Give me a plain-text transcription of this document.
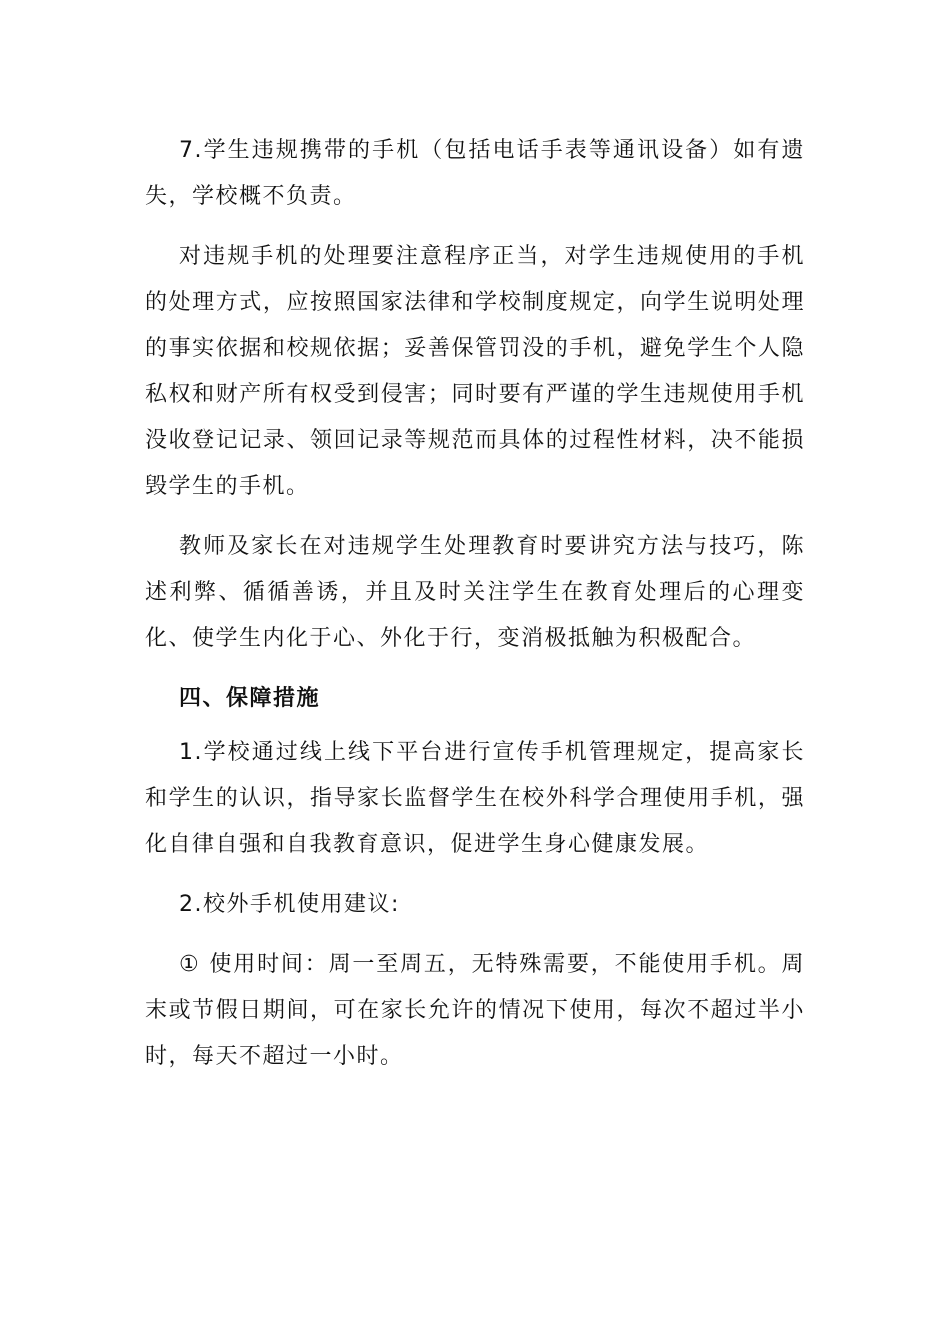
7.学生违规携带的手机（包括电话手表等通讯设备）如有遗失，学校概不负责。

对违规手机的处理要注意程序正当，对学生违规使用的手机的处理方式，应按照国家法律和学校制度规定，向学生说明处理的事实依据和校规依据；妥善保管罚没的手机，避免学生个人隐私权和财产所有权受到侵害；同时要有严谨的学生违规使用手机没收登记记录、领回记录等规范而具体的过程性材料，决不能损毁学生的手机。

教师及家长在对违规学生处理教育时要讲究方法与技巧，陈述利弊、循循善诱，并且及时关注学生在教育处理后的心理变化、使学生内化于心、外化于行，变消极抵触为积极配合。

四、保障措施

1.学校通过线上线下平台进行宣传手机管理规定，提高家长和学生的认识，指导家长监督学生在校外科学合理使用手机，强化自律自强和自我教育意识，促进学生身心健康发展。

2.校外手机使用建议:

① 使用时间：周一至周五，无特殊需要，不能使用手机。周末或节假日期间，可在家长允许的情况下使用，每次不超过半小时，每天不超过一小时。
